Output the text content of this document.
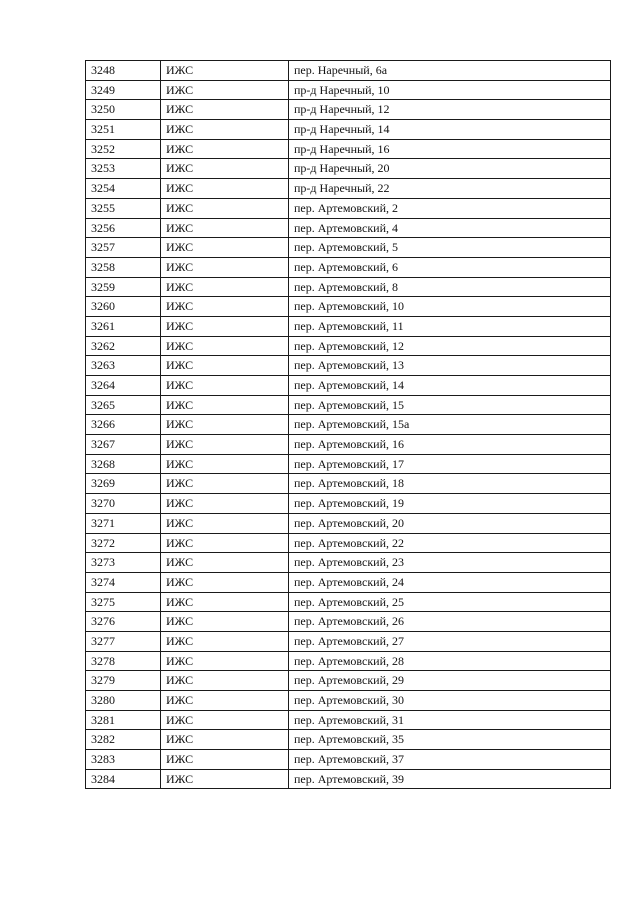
3248	ИЖС	пер. Наречный, 6а
3249	ИЖС	пр-д Наречный, 10
3250	ИЖС	пр-д Наречный, 12
3251	ИЖС	пр-д Наречный, 14
3252	ИЖС	пр-д Наречный, 16
3253	ИЖС	пр-д Наречный, 20
3254	ИЖС	пр-д Наречный, 22
3255	ИЖС	пер. Артемовский, 2
3256	ИЖС	пер. Артемовский, 4
3257	ИЖС	пер. Артемовский, 5
3258	ИЖС	пер. Артемовский, 6
3259	ИЖС	пер. Артемовский, 8
3260	ИЖС	пер. Артемовский, 10
3261	ИЖС	пер. Артемовский, 11
3262	ИЖС	пер. Артемовский, 12
3263	ИЖС	пер. Артемовский, 13
3264	ИЖС	пер. Артемовский, 14
3265	ИЖС	пер. Артемовский, 15
3266	ИЖС	пер. Артемовский, 15а
3267	ИЖС	пер. Артемовский, 16
3268	ИЖС	пер. Артемовский, 17
3269	ИЖС	пер. Артемовский, 18
3270	ИЖС	пер. Артемовский, 19
3271	ИЖС	пер. Артемовский, 20
3272	ИЖС	пер. Артемовский, 22
3273	ИЖС	пер. Артемовский, 23
3274	ИЖС	пер. Артемовский, 24
3275	ИЖС	пер. Артемовский, 25
3276	ИЖС	пер. Артемовский, 26
3277	ИЖС	пер. Артемовский, 27
3278	ИЖС	пер. Артемовский, 28
3279	ИЖС	пер. Артемовский, 29
3280	ИЖС	пер. Артемовский, 30
3281	ИЖС	пер. Артемовский, 31
3282	ИЖС	пер. Артемовский, 35
3283	ИЖС	пер. Артемовский, 37
3284	ИЖС	пер. Артемовский, 39
